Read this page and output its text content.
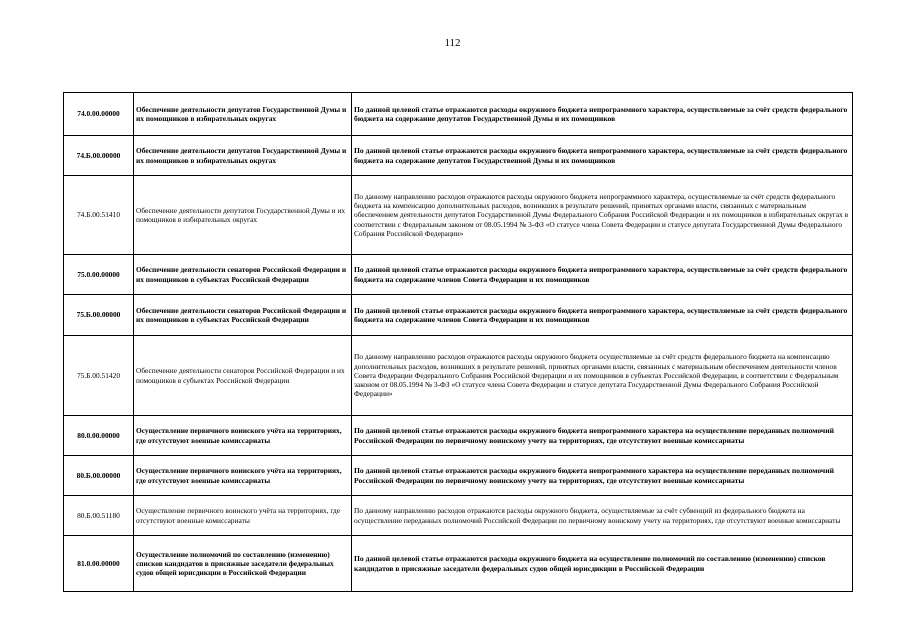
112
74.0.00.00000	Обеспечение деятельности депутатов Государственной Думы и их помощников в избирательных округах	По данной целевой статье отражаются расходы окружного бюджета непрограммного характера, осуществляемые за счёт средств федерального бюджета на содержание депутатов Государственной Думы и их помощников
74.Б.00.00000	Обеспечение деятельности депутатов Государственной Думы и их помощников в избирательных округах	По данной целевой статье отражаются расходы окружного бюджета непрограммного характера, осуществляемые за счёт средств федерального бюджета на содержание депутатов Государственной Думы и их помощников
74.Б.00.51410	Обеспечение деятельности депутатов Государственной Думы и их помощников в избирательных округах	По данному направлению расходов отражаются расходы окружного бюджета непрограммного характера, осуществляемые за счёт средств федерального бюджета на компенсацию дополнительных расходов, возникших в результате решений, принятых органами власти, связанных с материальным обеспечением деятельности депутатов Государственной Думы Федерального Собрания Российской Федерации и их помощников в избирательных округах в соответствии с Федеральным законом от 08.05.1994 № 3-ФЗ «О статусе члена Совета Федерации и статусе депутата Государственной Думы Федерального Собрания Российской Федерации»
75.0.00.00000	Обеспечение деятельности сенаторов Российской Федерации и их помощников в субъектах Российской Федерации	По данной целевой статье отражаются расходы окружного бюджета непрограммного характера, осуществляемые за счёт средств федерального бюджета на содержание членов Совета Федерации и их помощников
75.Б.00.00000	Обеспечение деятельности сенаторов Российской Федерации и их помощников в субъектах Российской Федерации	По данной целевой статье отражаются расходы окружного бюджета непрограммного характера, осуществляемые за счёт средств федерального бюджета на содержание членов Совета Федерации и их помощников
75.Б.00.51420	Обеспечение деятельности сенаторов Российской Федерации и их помощников в субъектах Российской Федерации	По данному направлению расходов отражаются расходы окружного бюджета осуществляемые за счёт средств федерального бюджета на компенсацию дополнительных расходов, возникших в результате решений, принятых органами власти, связанных с материальным обеспечением деятельности членов Совета Федерации Федерального Собрания Российской Федерации и их помощников в субъектах Российской Федерации, в соответствии с Федеральным законом от 08.05.1994 № 3-ФЗ «О статусе члена Совета Федерации и статусе депутата Государственной Думы Федерального Собрания Российской Федерации»
80.0.00.00000	Осуществление первичного воинского учёта на территориях, где отсутствуют военные комиссариаты	По данной целевой статье отражаются расходы окружного бюджета непрограммного характера на осуществление переданных полномочий Российской Федерации по первичному воинскому учету на территориях, где отсутствуют военные комиссариаты
80.Б.00.00000	Осуществление первичного воинского учёта на территориях, где отсутствуют военные комиссариаты	По данной целевой статье отражаются расходы окружного бюджета непрограммного характера на осуществление переданных полномочий Российской Федерации по первичному воинскому учету на территориях, где отсутствуют военные комиссариаты
80.Б.00.51180	Осуществление первичного воинского учёта на территориях, где отсутствуют военные комиссариаты	По данному направлению расходов отражаются расходы окружного бюджета, осуществляемые за счёт субвенций из федерального бюджета на осуществление переданных полномочий Российской Федерации по первичному воинскому учету на территориях, где отсутствуют военные комиссариаты
81.0.00.00000	Осуществление полномочий по составлению (изменению) списков кандидатов в присяжные заседатели федеральных судов общей юрисдикции в Российской Федерации	По данной целевой статье отражаются расходы окружного бюджета на осуществление полномочий по составлению (изменению) списков кандидатов в присяжные заседатели федеральных судов общей юрисдикции в Российской Федерации
